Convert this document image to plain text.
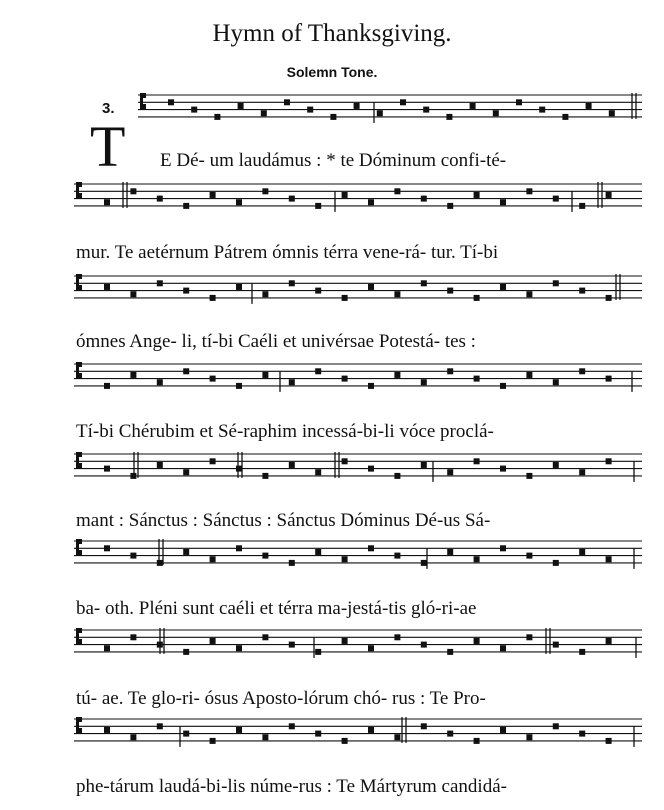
Hymn of Thanksgiving.
Solemn Tone.
3.
T E Dé- um laudámus : * te Dóminum confi-té-
mur. Te aetérnum Pátrem ómnis térra vene-rá- tur. Tí-bi
ómnes Ange- li, tí-bi Caéli et univérsae Potestá- tes :
Tí-bi Chérubim et Sé-raphim incessá-bi-li vóce proclá-
mant : Sánctus : Sánctus : Sánctus Dóminus Dé-us Sá-
ba- oth. Pléni sunt caéli et térra ma-jestá-tis gló-ri-ae
tú- ae. Te glo-ri- ósus Aposto-lórum chó- rus : Te Pro-
phe-tárum laudá-bi-lis núme-rus : Te Mártyrum candidá-
